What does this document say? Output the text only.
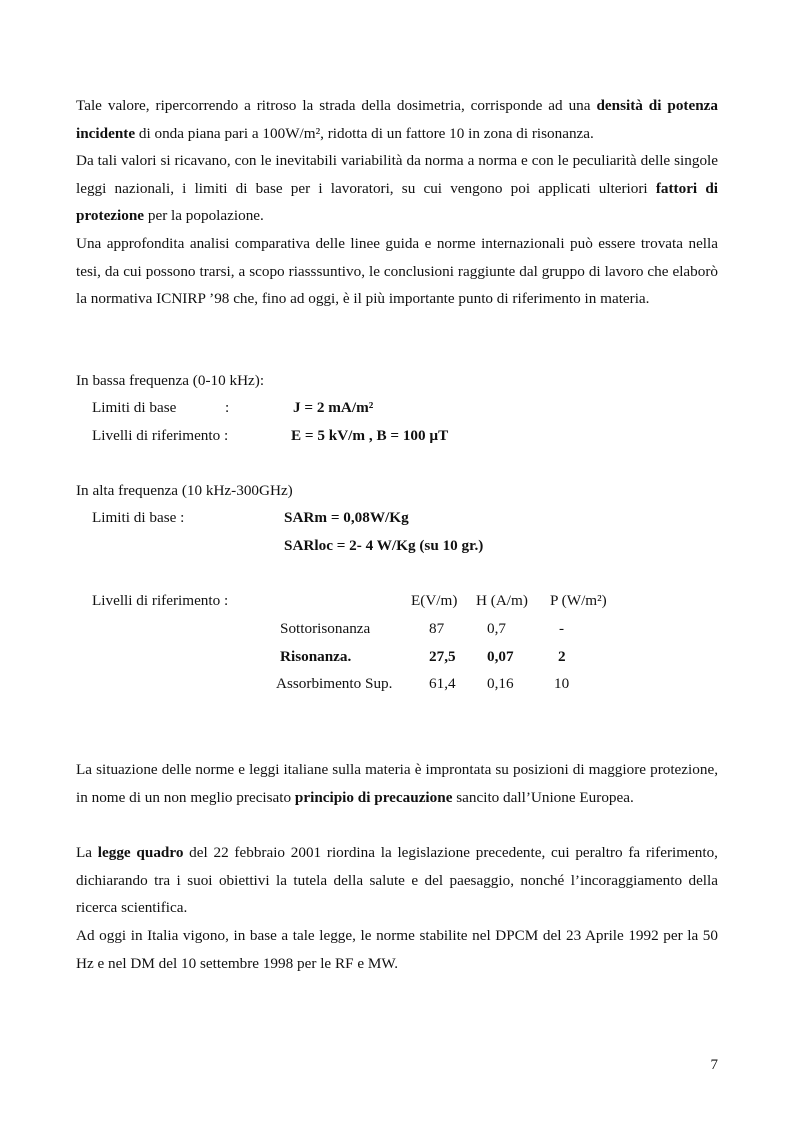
Tale valore, ripercorrendo a ritroso la strada della dosimetria, corrisponde ad una densità di potenza incidente di onda piana pari a 100W/m², ridotta di un fattore 10 in zona di risonanza.

Da tali valori si ricavano, con le inevitabili variabilità da norma a norma e con le peculiarità delle singole leggi nazionali, i limiti di base per i lavoratori, su cui vengono poi applicati ulteriori fattori di protezione per la popolazione.

Una approfondita analisi comparativa delle linee guida e norme internazionali può essere trovata nella tesi, da cui possono trarsi, a scopo riasssuntivo, le conclusioni raggiunte dal gruppo di lavoro che elaborò la normativa ICNIRP ’98 che, fino ad oggi, è il più importante punto di riferimento in materia.

In bassa frequenza (0-10 kHz):

Limiti di base	:	J = 2 mA/m²

Livelli di riferimento :	E = 5 kV/m , B = 100 µT

In alta frequenza (10 kHz-300GHz)

Limiti di base :	SARm = 0,08W/Kg

SARloc = 2- 4 W/Kg (su 10 gr.)

Livelli di riferimento :	E(V/m) H (A/m) P (W/m²)

Sottorisonanza	87	0,7	-

Risonanza.	27,5 0,07	2

Assorbimento Sup. 61,4 0,16	10

La situazione delle norme e leggi italiane sulla materia è improntata su posizioni di maggiore protezione, in nome di un non meglio precisato principio di precauzione sancito dall’Unione Europea.

La legge quadro del 22 febbraio 2001 riordina la legislazione precedente, cui peraltro fa riferimento, dichiarando tra i suoi obiettivi la tutela della salute e del paesaggio, nonché l’incoraggiamento della ricerca scientifica.

Ad oggi in Italia vigono, in base a tale legge, le norme stabilite nel DPCM del 23 Aprile 1992 per la 50 Hz e nel DM del 10 settembre 1998 per le RF e MW.

7
